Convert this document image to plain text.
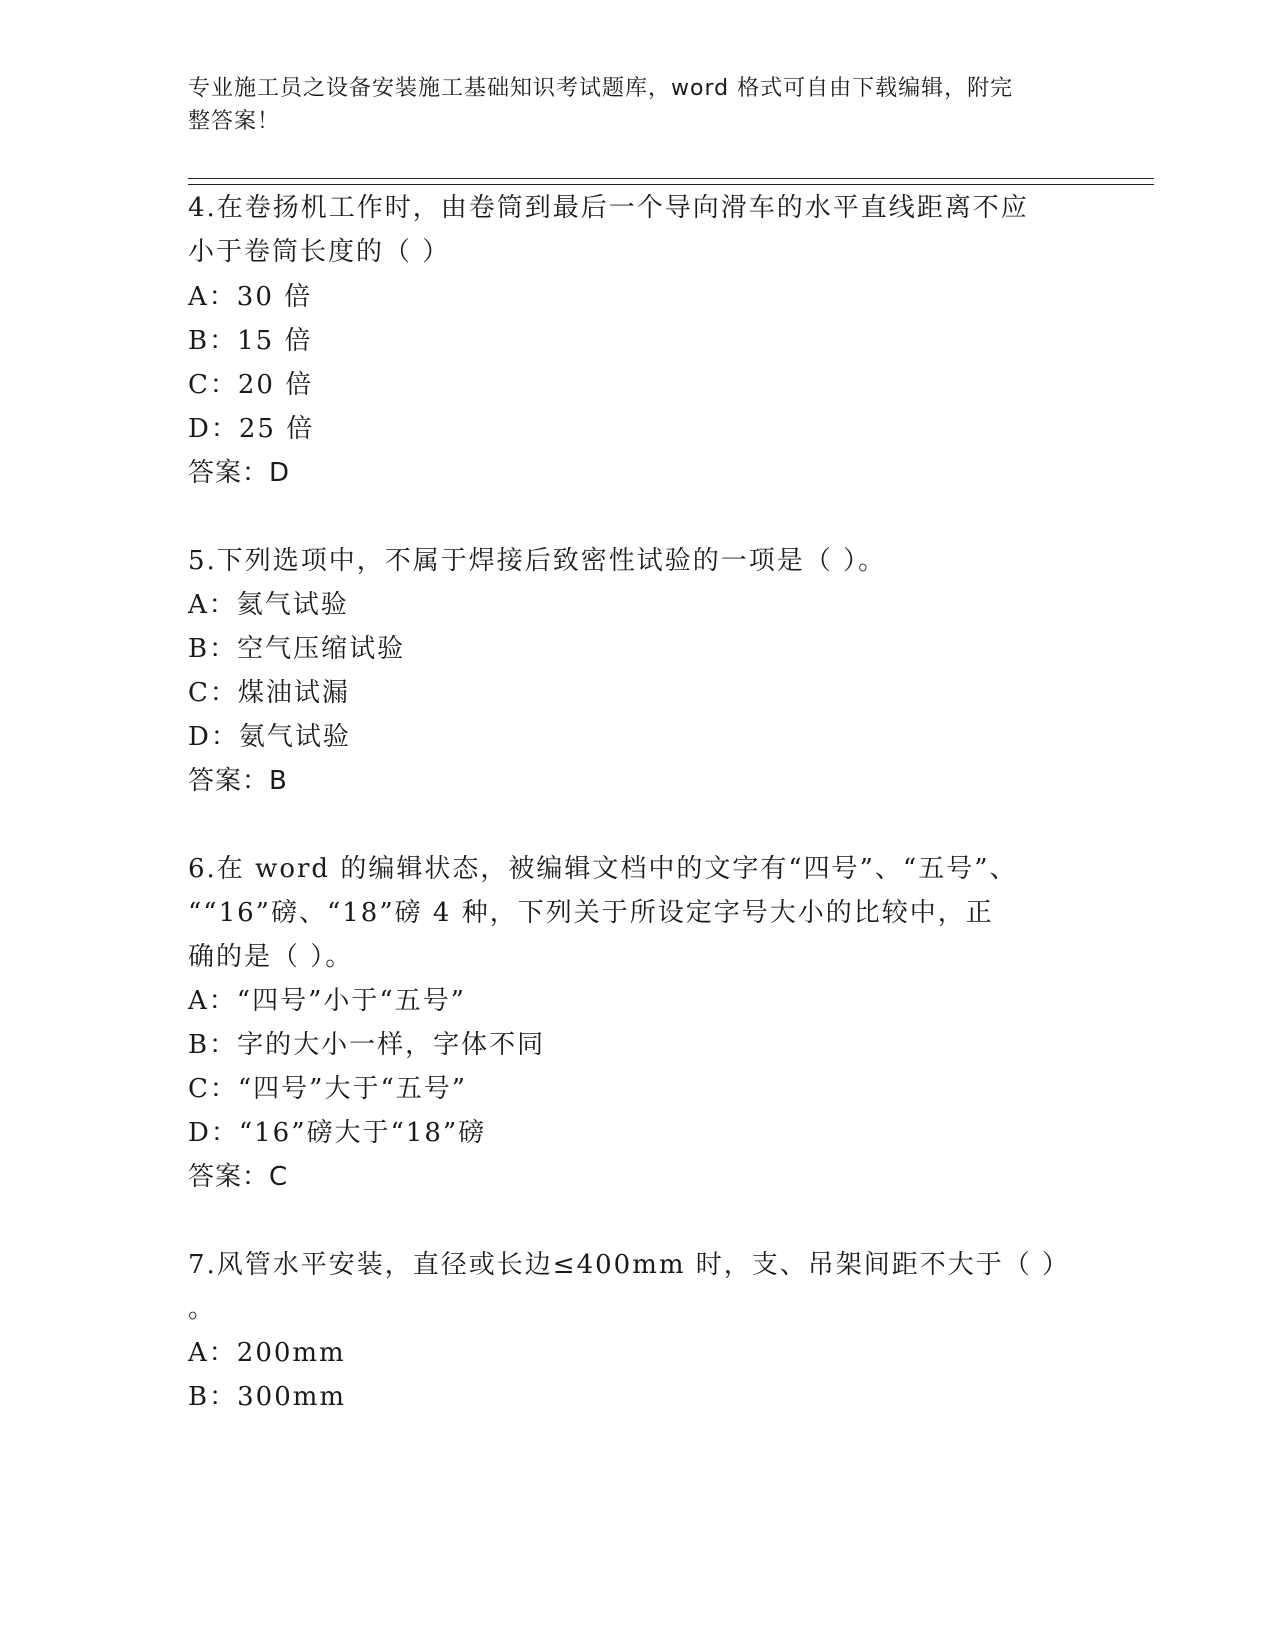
专业施工员之设备安装施工基础知识考试题库，word 格式可自由下载编辑，附完
整答案！
4.在卷扬机工作时，由卷筒到最后一个导向滑车的水平直线距离不应
小于卷筒长度的（ ）
A：30 倍
B：15 倍
C：20 倍
D：25 倍
答案：D
5.下列选项中，不属于焊接后致密性试验的一项是（ ）。
A：氦气试验
B：空气压缩试验
C：煤油试漏
D：氨气试验
答案：B
6.在 word 的编辑状态，被编辑文档中的文字有“四号”、“五号”、
““16”磅、“18”磅 4 种，下列关于所设定字号大小的比较中，正
确的是（ ）。
A：“四号”小于“五号”
B：字的大小一样，字体不同
C：“四号”大于“五号”
D：“16”磅大于“18”磅
答案：C
7.风管水平安装，直径或长边≤400mm 时，支、吊架间距不大于（ ）
。
A：200mm
B：300mm
